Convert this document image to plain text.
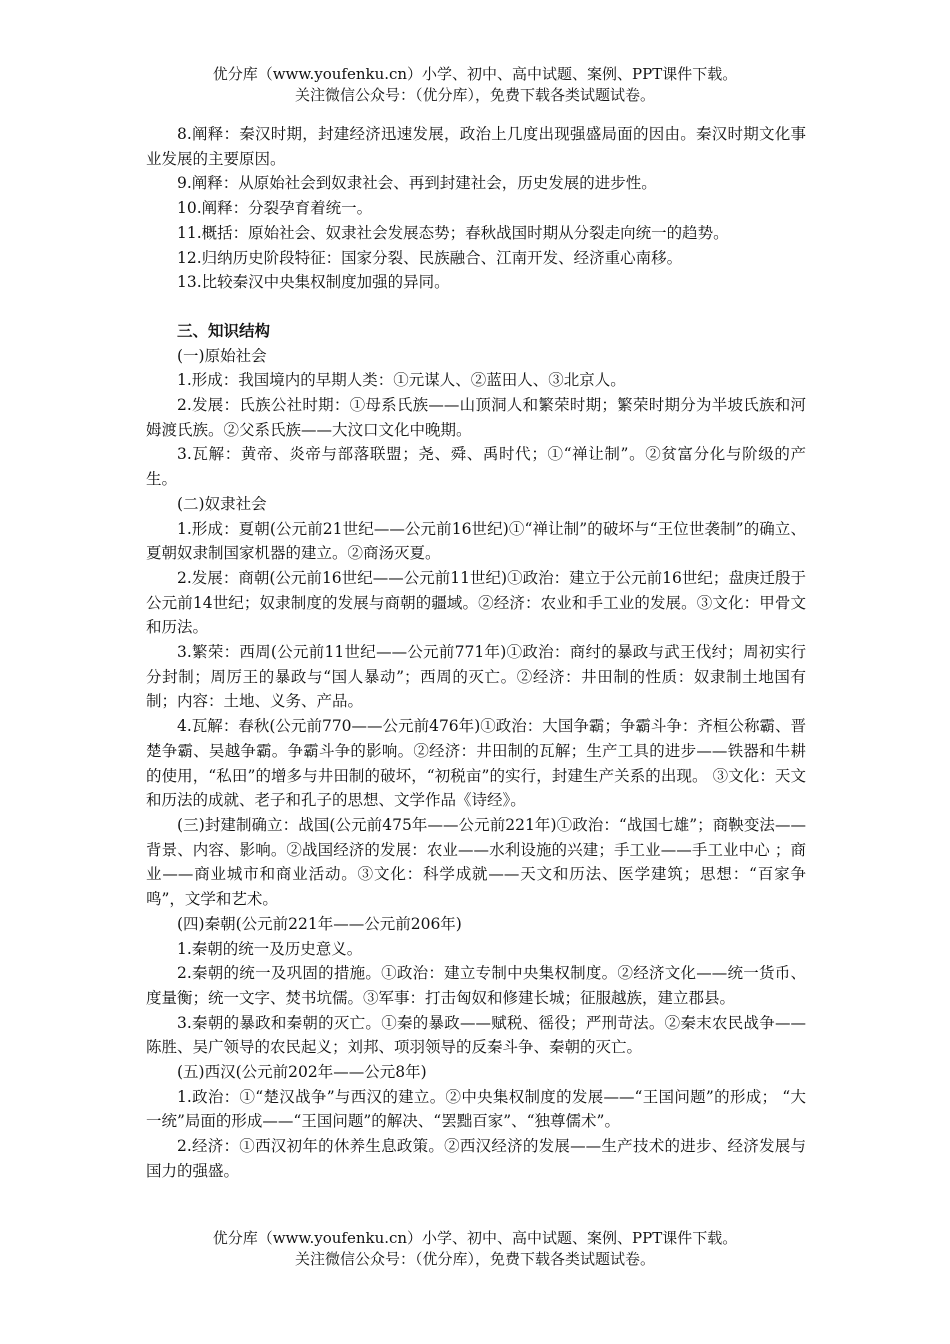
优分库（www.youfenku.cn）小学、初中、高中试题、案例、PPT课件下载。
关注微信公众号：（优分库），免费下载各类试题试卷。

8.阐释：秦汉时期，封建经济迅速发展，政治上几度出现强盛局面的因由。秦汉时期文化事业发展的主要原因。

9.阐释：从原始社会到奴隶社会、再到封建社会，历史发展的进步性。

10.阐释：分裂孕育着统一。

11.概括：原始社会、奴隶社会发展态势；春秋战国时期从分裂走向统一的趋势。

12.归纳历史阶段特征：国家分裂、民族融合、江南开发、经济重心南移。

13.比较秦汉中央集权制度加强的异同。

三、知识结构

(一)原始社会

1.形成：我国境内的早期人类：①元谋人、②蓝田人、③北京人。

2.发展：氏族公社时期：①母系氏族——山顶洞人和繁荣时期；繁荣时期分为半坡氏族和河姆渡氏族。②父系氏族——大汶口文化中晚期。

3.瓦解：黄帝、炎帝与部落联盟；尧、舜、禹时代；①“禅让制”。②贫富分化与阶级的产生。

(二)奴隶社会

1.形成：夏朝(公元前21世纪——公元前16世纪)①“禅让制”的破坏与“王位世袭制”的确立、夏朝奴隶制国家机器的建立。②商汤灭夏。

2.发展：商朝(公元前16世纪——公元前11世纪)①政治：建立于公元前16世纪；盘庚迁殷于公元前14世纪；奴隶制度的发展与商朝的疆域。②经济：农业和手工业的发展。③文化：甲骨文和历法。

3.繁荣：西周(公元前11世纪——公元前771年)①政治：商纣的暴政与武王伐纣；周初实行分封制；周厉王的暴政与“国人暴动”；西周的灭亡。②经济：井田制的性质：奴隶制土地国有制；内容：土地、义务、产品。

4.瓦解：春秋(公元前770——公元前476年)①政治：大国争霸；争霸斗争：齐桓公称霸、晋楚争霸、吴越争霸。争霸斗争的影响。②经济：井田制的瓦解；生产工具的进步——铁器和牛耕的使用，“私田”的增多与井田制的破坏，“初税亩”的实行，封建生产关系的出现。 ③文化：天文和历法的成就、老子和孔子的思想、文学作品《诗经》。

(三)封建制确立：战国(公元前475年——公元前221年)①政治：“战国七雄”；商鞅变法—— 背景、内容、影响。②战国经济的发展：农业——水利设施的兴建；手工业——手工业中心 ；商业——商业城市和商业活动。③文化：科学成就——天文和历法、医学建筑；思想：“百家争鸣”，文学和艺术。

(四)秦朝(公元前221年——公元前206年)

1.秦朝的统一及历史意义。

2.秦朝的统一及巩固的措施。①政治：建立专制中央集权制度。②经济文化——统一货币、 度量衡；统一文字、焚书坑儒。③军事：打击匈奴和修建长城；征服越族，建立郡县。

3.秦朝的暴政和秦朝的灭亡。①秦的暴政——赋税、徭役；严刑苛法。②秦末农民战争——陈胜、吴广领导的农民起义；刘邦、项羽领导的反秦斗争、秦朝的灭亡。

(五)西汉(公元前202年——公元8年)

1.政治：①“楚汉战争”与西汉的建立。②中央集权制度的发展——“王国问题”的形成； “大一统”局面的形成——“王国问题”的解决、“罢黜百家”、“独尊儒术”。

2.经济：①西汉初年的休养生息政策。②西汉经济的发展——生产技术的进步、经济发展与 国力的强盛。

优分库（www.youfenku.cn）小学、初中、高中试题、案例、PPT课件下载。
关注微信公众号：（优分库），免费下载各类试题试卷。
